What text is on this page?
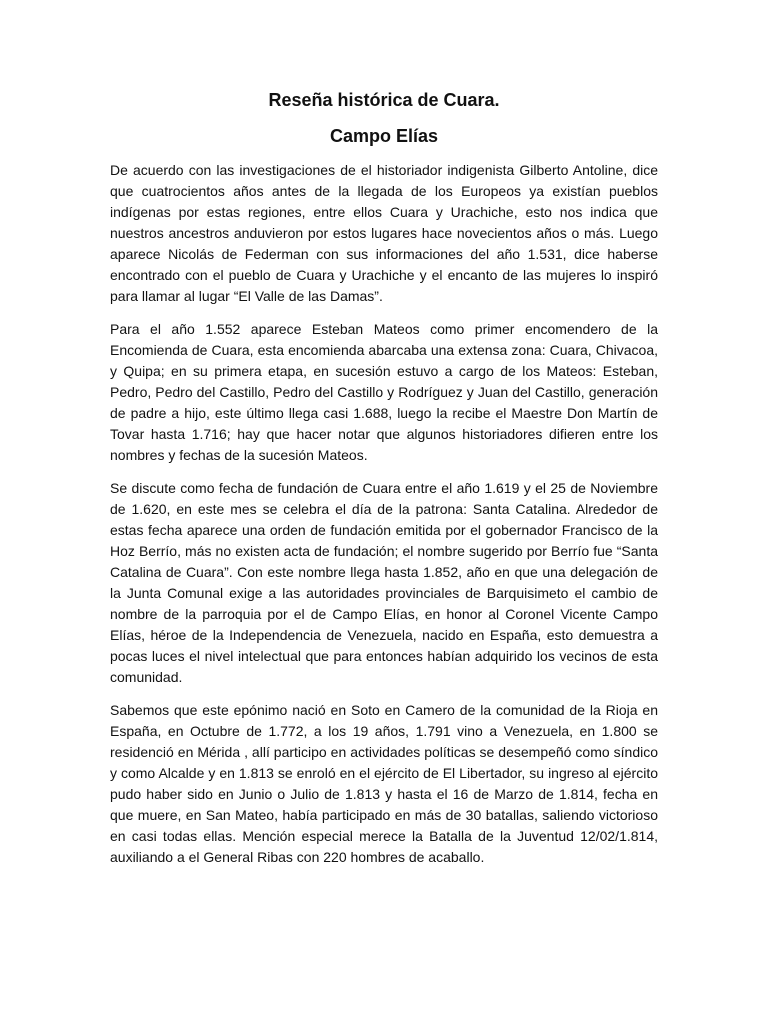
Reseña histórica de Cuara.
Campo Elías

De acuerdo con las investigaciones de el historiador indigenista Gilberto Antoline, dice que cuatrocientos años antes de la llegada de los Europeos ya existían pueblos indígenas por estas regiones, entre ellos Cuara y Urachiche, esto nos indica que nuestros ancestros anduvieron por estos lugares hace novecientos años o más. Luego aparece Nicolás de Federman con sus informaciones del año 1.531, dice haberse encontrado con el pueblo de Cuara y Urachiche y el encanto de las mujeres lo inspiró para llamar al lugar “El Valle de las Damas”.

Para el año 1.552 aparece Esteban Mateos como primer encomendero de la Encomienda de Cuara, esta encomienda abarcaba una extensa zona: Cuara, Chivacoa, y Quipa; en su primera etapa, en sucesión estuvo a cargo de los Mateos: Esteban, Pedro, Pedro del Castillo, Pedro del Castillo y Rodríguez y Juan del Castillo, generación de padre a hijo, este último llega casi 1.688, luego la recibe el Maestre Don Martín de Tovar hasta 1.716; hay que hacer notar que algunos historiadores difieren entre los nombres y fechas de la sucesión Mateos.

Se discute como fecha de fundación de Cuara entre el año 1.619 y el 25 de Noviembre de 1.620, en este mes se celebra el día de la patrona: Santa Catalina. Alrededor de estas fecha aparece una orden de fundación emitida por el gobernador Francisco de la Hoz Berrío, más no existen acta de fundación; el nombre sugerido por Berrío fue “Santa Catalina de Cuara”. Con este nombre llega hasta 1.852, año en que una delegación de la Junta Comunal exige a las autoridades provinciales de Barquisimeto el cambio de nombre de la parroquia por el de Campo Elías, en honor al Coronel Vicente Campo Elías, héroe de la Independencia de Venezuela, nacido en España, esto demuestra a pocas luces el nivel intelectual que para entonces habían adquirido los vecinos de esta comunidad.

Sabemos que este epónimo nació en Soto en Camero de la comunidad de la Rioja en España, en Octubre de 1.772, a los 19 años, 1.791 vino a Venezuela, en 1.800 se residenció en Mérida , allí participo en actividades políticas se desempeñó como síndico y como Alcalde y en 1.813 se enroló en el ejército de El Libertador, su ingreso al ejército pudo haber sido en Junio o Julio de 1.813 y hasta el 16 de Marzo de 1.814, fecha en que muere, en San Mateo, había participado en más de 30 batallas, saliendo victorioso en casi todas ellas. Mención especial merece la Batalla de la Juventud 12/02/1.814, auxiliando a el General Ribas con 220 hombres de acaballo.
